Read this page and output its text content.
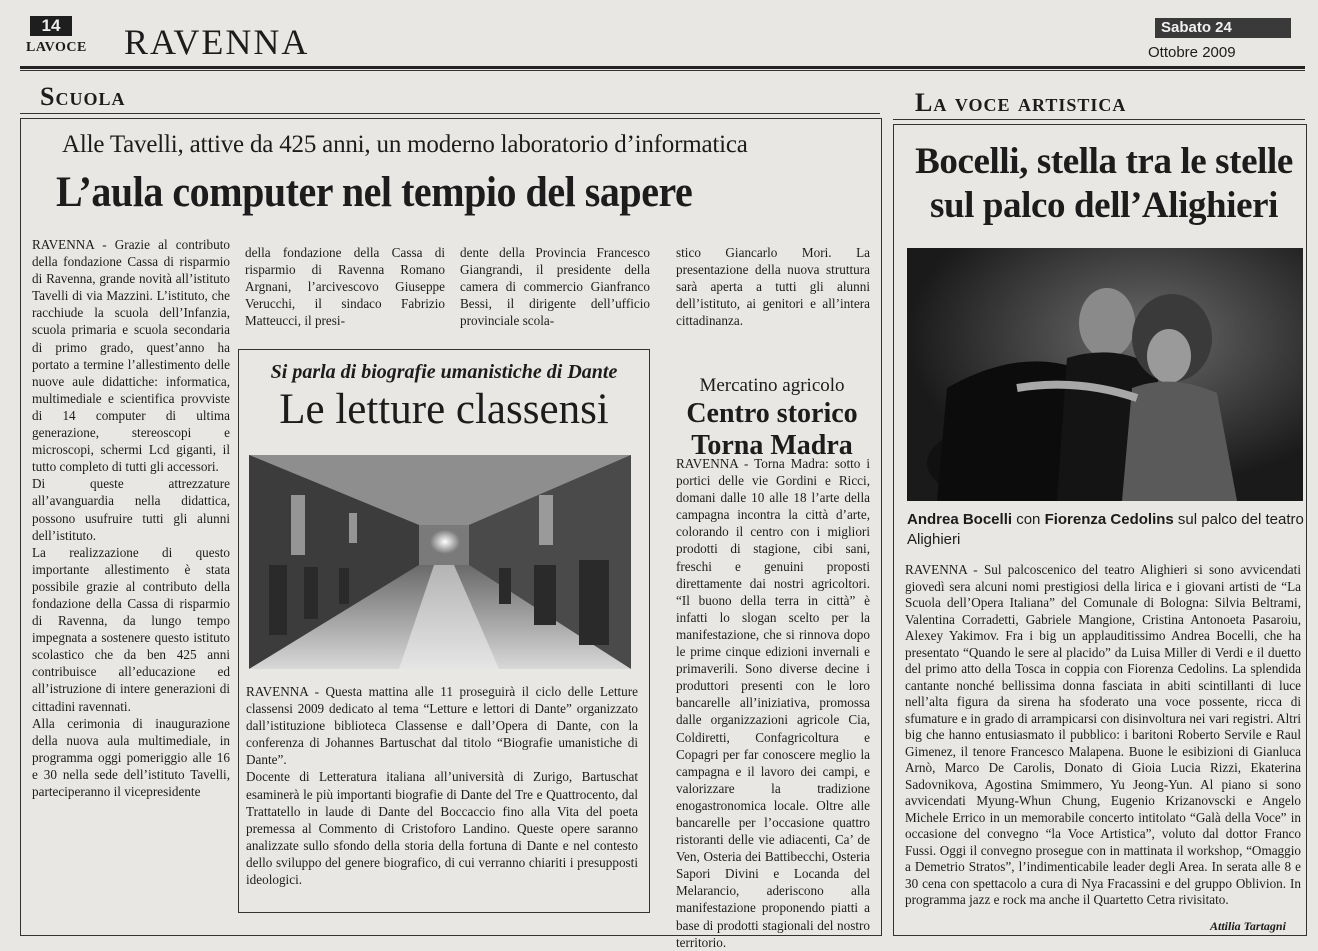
14
LAVOCE RAVENNA	Sabato 24
Ottobre 2009
Scuola	La voce artistica
Alle Tavelli, attive da 425 anni, un moderno laboratorio d’informatica
L’aula computer nel tempio del sapere

RAVENNA - Grazie al contributo della fondazione Cassa di risparmio di Ravenna, grande novità all’istituto Tavelli di via Mazzini. L’istituto, che racchiude la scuola dell’Infanzia, scuola primaria e scuola secondaria di primo grado, quest’anno ha portato a termine l’allestimento delle nuove aule didattiche: informatica, multimediale e scientifica provviste di 14 computer di ultima generazione, stereoscopi e microscopi, schermi Lcd giganti, il tutto completo di tutti gli accessori.

Di queste attrezzature all’avanguardia nella didattica, possono usufruire tutti gli alunni dell’istituto.

La realizzazione di questo importante allestimento è stata possibile grazie al contributo della fondazione della Cassa di risparmio di Ravenna, da lungo tempo impegnata a sostenere questo istituto scolastico che da ben 425 anni contribuisce all’educazione ed all’istruzione di intere generazioni di cittadini ravennati.

Alla cerimonia di inaugurazione della nuova aula multimediale, in programma oggi pomeriggio alle 16 e 30 nella sede dell’istituto Tavelli, parteciperanno il vicepresidente

della fondazione della Cassa di risparmio di Ravenna Romano Argnani, l’arcivescovo Giuseppe Verucchi, il sindaco Fabrizio Matteucci, il presi-
dente della Provincia Francesco Giangrandi, il presidente della camera di commercio Gianfranco Bessi, il dirigente dell’ufficio provinciale scola-
stico Giancarlo Mori. La presentazione della nuova struttura sarà aperta a tutti gli alunni dell’istituto, ai genitori e all’intera cittadinanza.
Si parla di biografie umanistiche di Dante
Le letture classensi

RAVENNA - Questa mattina alle 11 proseguirà il ciclo delle Letture classensi 2009 dedicato al tema “Letture e lettori di Dante” organizzato dall’istituzione biblioteca Classense e dall’Opera di Dante, con la conferenza di Johannes Bartuschat dal titolo “Biografie umanistiche di Dante”.

Docente di Letteratura italiana all’università di Zurigo, Bartuschat esaminerà le più importanti biografie di Dante del Tre e Quattrocento, dal Trattatello in laude di Dante del Boccaccio fino alla Vita del poeta premessa al Commento di Cristoforo Landino. Queste opere saranno analizzate sullo sfondo della storia della fortuna di Dante e nel contesto dello sviluppo del genere biografico, di cui verranno chiariti i presupposti ideologici.

Mercatino agricolo
Centro storico
Torna Madra
RAVENNA - Torna Madra: sotto i portici delle vie Gordini e Ricci, domani dalle 10 alle 18 l’arte della campagna incontra la città d’arte, colorando il centro con i migliori prodotti di stagione, cibi sani, freschi e genuini proposti direttamente dai nostri agricoltori. “Il buono della terra in città” è infatti lo slogan scelto per la manifestazione, che si rinnova dopo le prime cinque edizioni invernali e primaverili. Sono diverse decine i produttori presenti con le loro bancarelle all’iniziativa, promossa dalle organizzazioni agricole Cia, Coldiretti, Confagricoltura e Copagri per far conoscere meglio la campagna e il lavoro dei campi, e valorizzare la tradizione enogastronomica locale. Oltre alle bancarelle per l’occasione quattro ristoranti delle vie adiacenti, Ca’ de Ven, Osteria dei Battibecchi, Osteria Sapori Divini e Locanda del Melarancio, aderiscono alla manifestazione proponendo piatti a base di prodotti stagionali del nostro territorio.
Bocelli, stella tra le stelle
sul palco dell’Alighieri
Andrea Bocelli con Fiorenza Cedolins sul palco del teatro Alighieri
RAVENNA - Sul palcoscenico del teatro Alighieri si sono avvicendati giovedì sera alcuni nomi prestigiosi della lirica e i giovani artisti de “La Scuola dell’Opera Italiana” del Comunale di Bologna: Silvia Beltrami, Valentina Corradetti, Gabriele Mangione, Cristina Antonoeta Pasaroiu, Alexey Yakimov. Fra i big un applauditissimo Andrea Bocelli, che ha presentato “Quando le sere al placido” da Luisa Miller di Verdi e il duetto del primo atto della Tosca in coppia con Fiorenza Cedolins. La splendida cantante nonché bellissima donna fasciata in abiti scintillanti di luce nell’alta figura da sirena ha sfoderato una voce possente, ricca di sfumature e in grado di arrampicarsi con disinvoltura nei vari registri. Altri big che hanno entusiasmato il pubblico: i baritoni Roberto Servile e Raul Gimenez, il tenore Francesco Malapena. Buone le esibizioni di Gianluca Arnò, Marco De Carolis, Donato di Gioia Lucia Rizzi, Ekaterina Sadovnikova, Agostina Smimmero, Yu Jeong-Yun. Al piano si sono avvicendati Myung-Whun Chung, Eugenio Krizanovscki e Angelo Michele Errico in un memorabile concerto intitolato “Galà della Voce” in occasione del convegno “la Voce Artistica”, voluto dal dottor Franco Fussi. Oggi il convegno prosegue con in mattinata il workshop, “Omaggio a Demetrio Stratos”, l’indimenticabile leader degli Area. In serata alle 8 e 30 cena con spettacolo a cura di Nya Fracassini e del gruppo Oblivion. In programma jazz e rock ma anche il Quartetto Cetra rivisitato.
Attilia Tartagni
